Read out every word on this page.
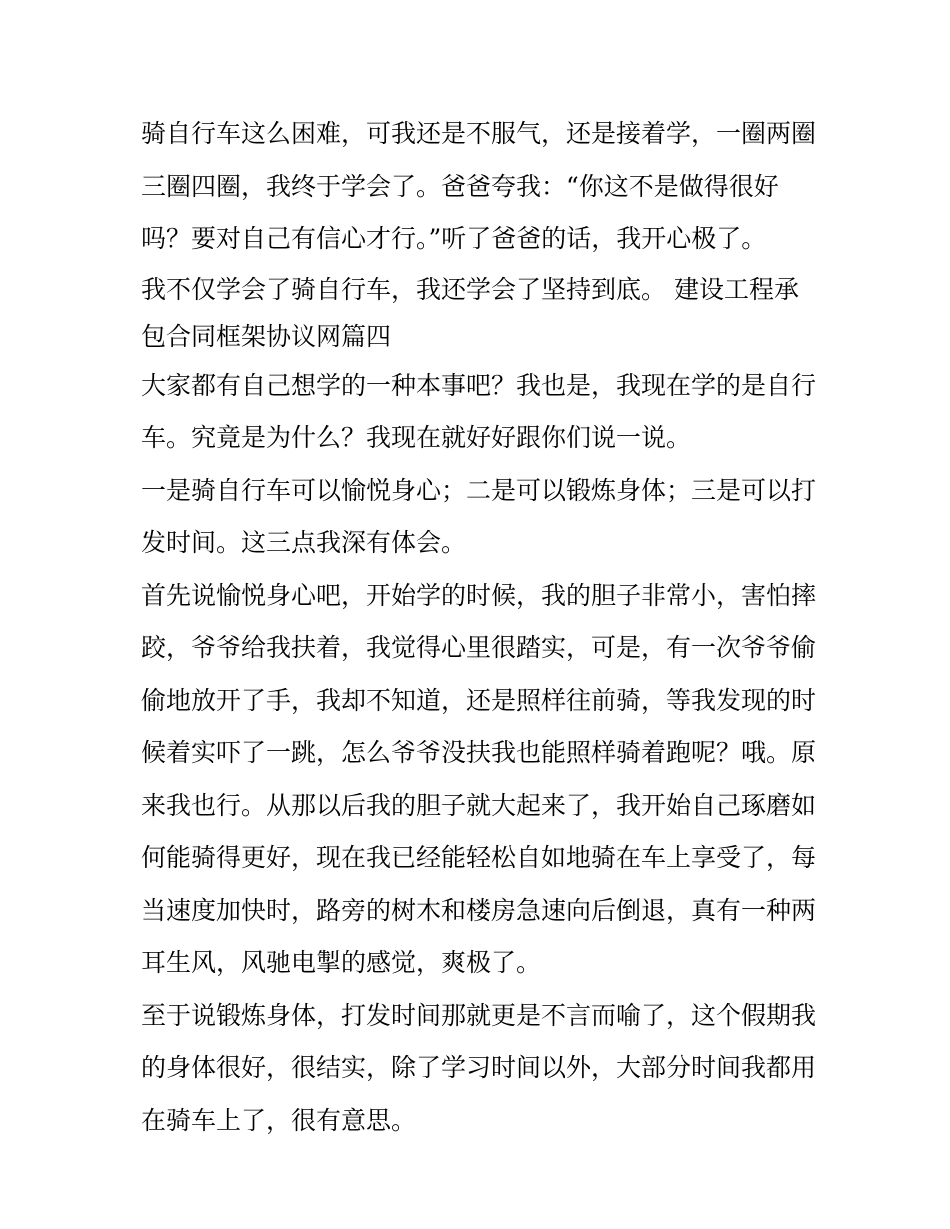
骑自行车这么困难，可我还是不服气，还是接着学，一圈两圈
三圈四圈，我终于学会了。爸爸夸我：“你这不是做得很好
吗？要对自己有信心才行。”听了爸爸的话，我开心极了。
我不仅学会了骑自行车，我还学会了坚持到底。 建设工程承
包合同框架协议网篇四
大家都有自己想学的一种本事吧？我也是，我现在学的是自行
车。究竟是为什么？我现在就好好跟你们说一说。
一是骑自行车可以愉悦身心；二是可以锻炼身体；三是可以打
发时间。这三点我深有体会。
首先说愉悦身心吧，开始学的时候，我的胆子非常小，害怕摔
跤，爷爷给我扶着，我觉得心里很踏实，可是，有一次爷爷偷
偷地放开了手，我却不知道，还是照样往前骑，等我发现的时
候着实吓了一跳，怎么爷爷没扶我也能照样骑着跑呢？哦。原
来我也行。从那以后我的胆子就大起来了，我开始自己琢磨如
何能骑得更好，现在我已经能轻松自如地骑在车上享受了，每
当速度加快时，路旁的树木和楼房急速向后倒退，真有一种两
耳生风，风驰电掣的感觉，爽极了。
至于说锻炼身体，打发时间那就更是不言而喻了，这个假期我
的身体很好，很结实，除了学习时间以外，大部分时间我都用
在骑车上了，很有意思。
